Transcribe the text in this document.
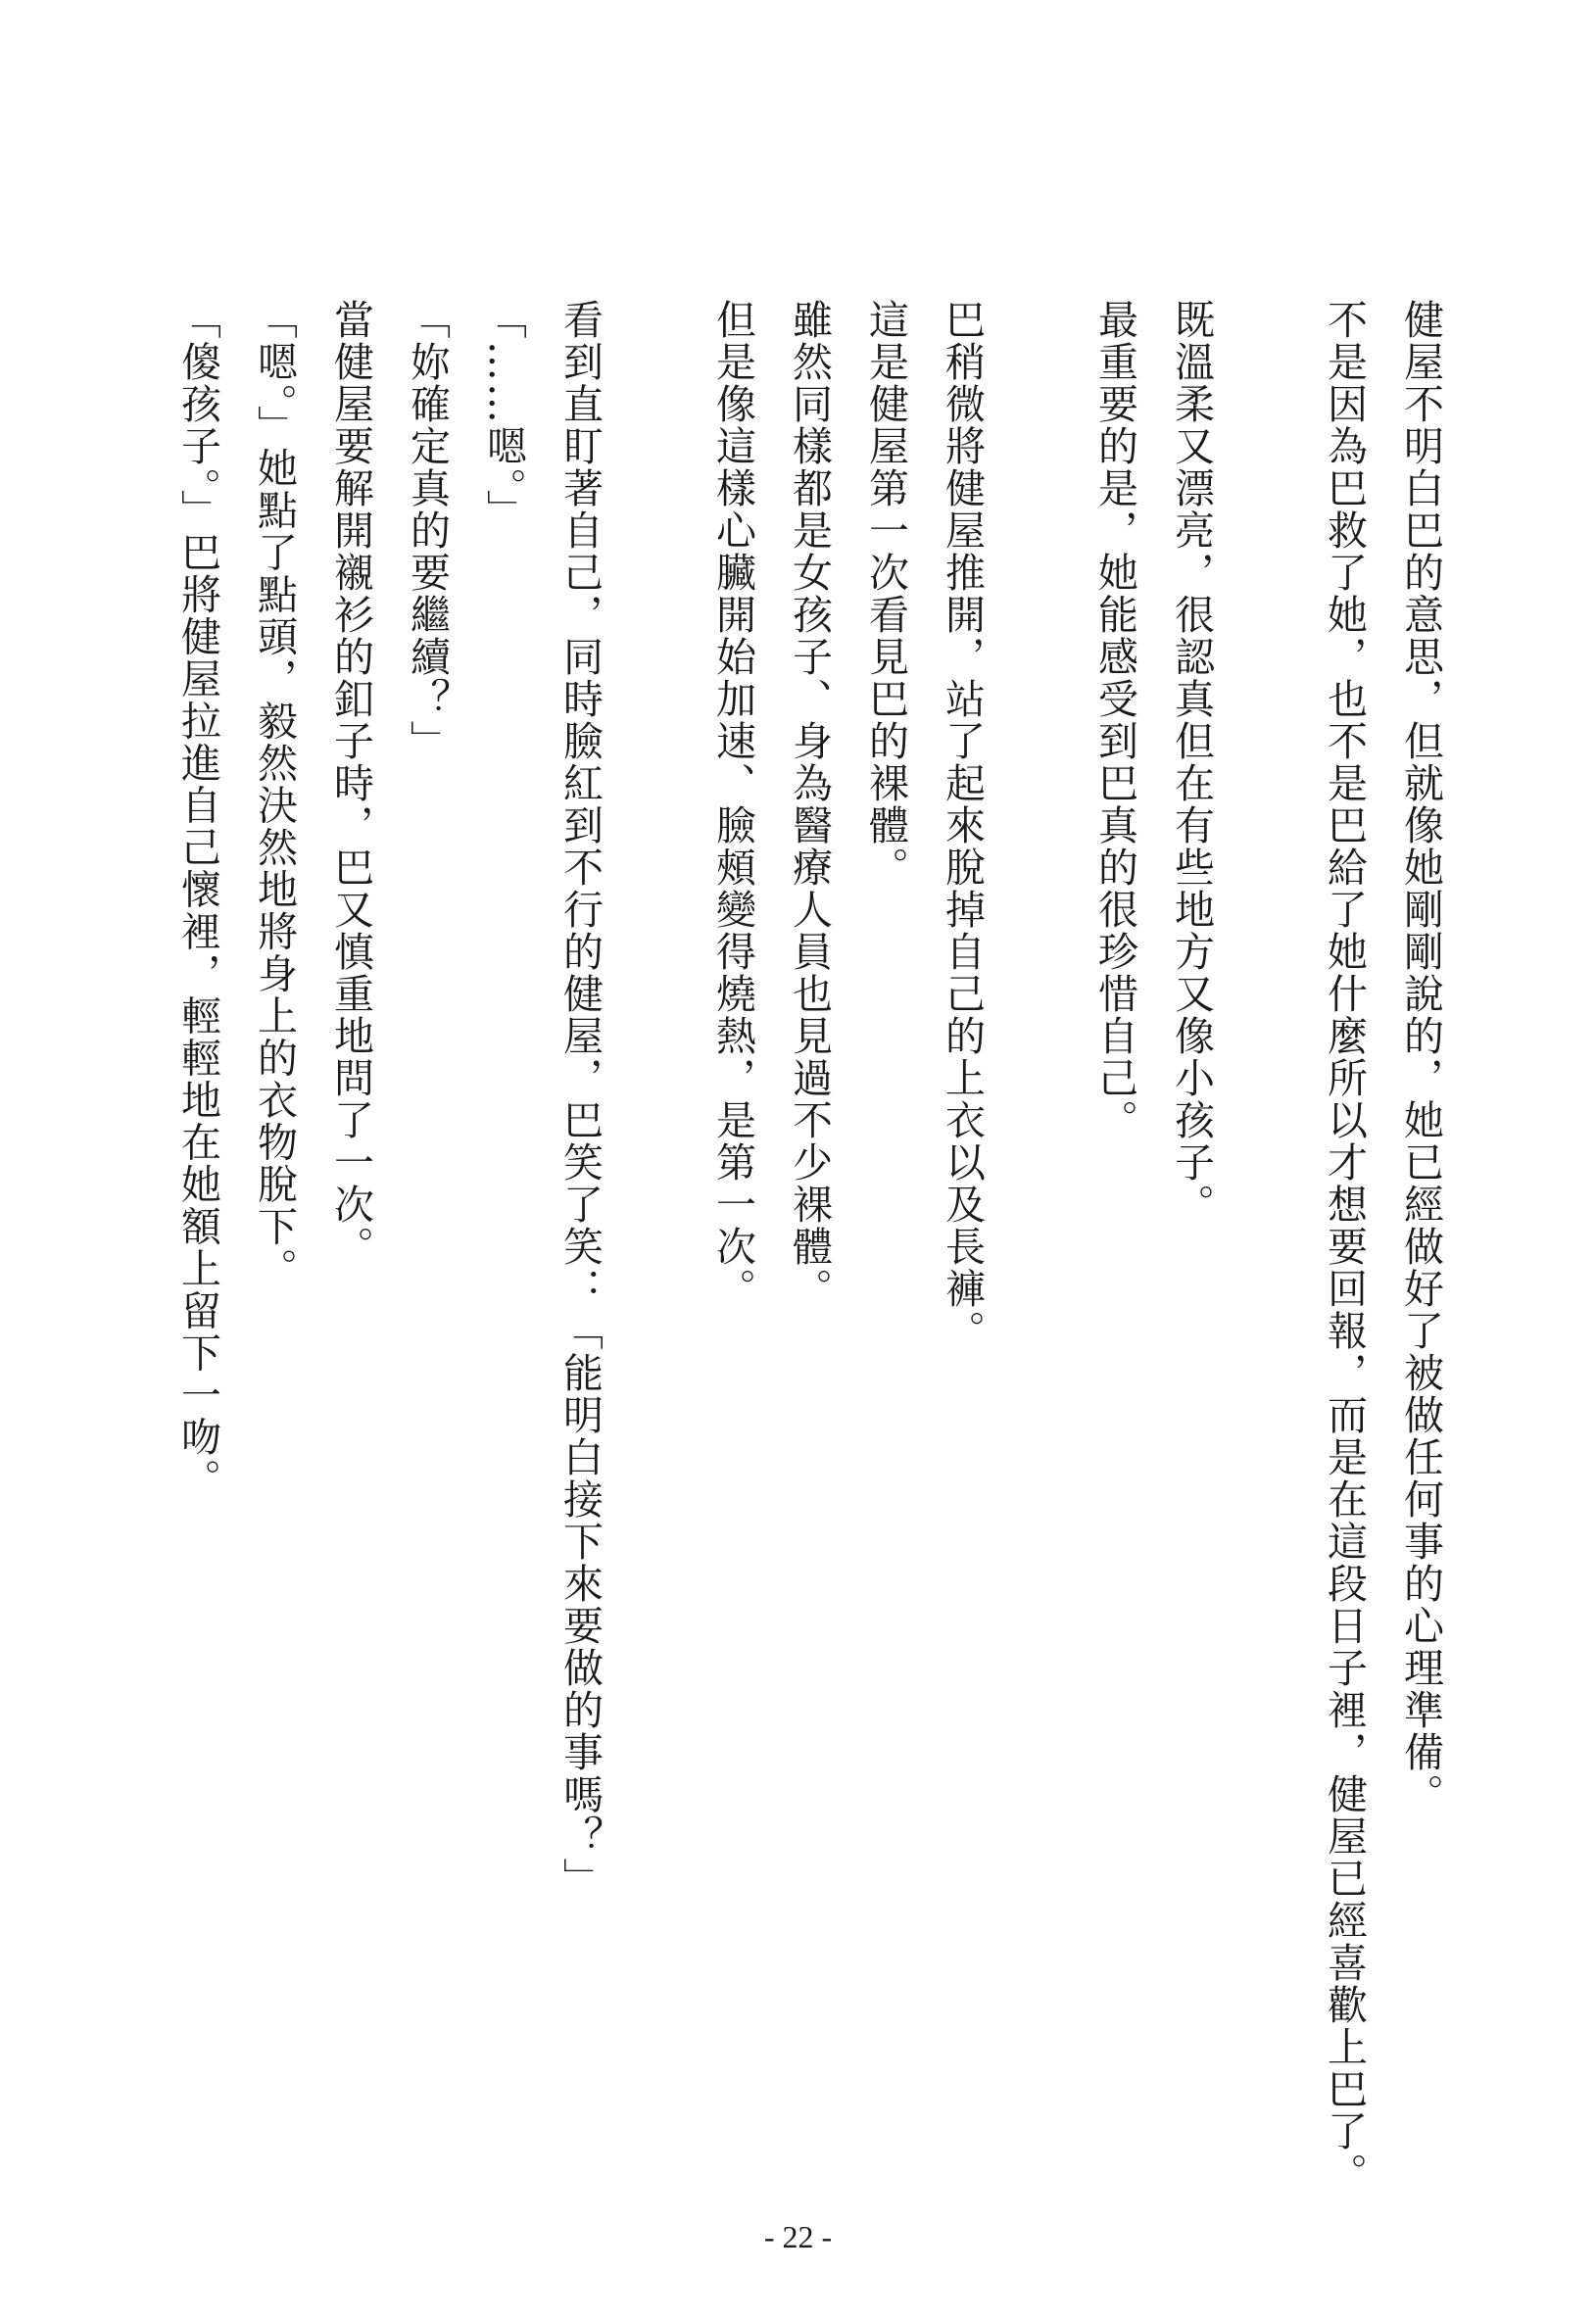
健屋不明白巴的意思，但就像她剛剛說的，她已經做好了被做任何事的心理準備。
不是因為巴救了她，也不是巴給了她什麼所以才想要回報，而是在這段日子裡，健屋已經喜歡上巴了。
既溫柔又漂亮，很認真但在有些地方又像小孩子。
最重要的是，她能感受到巴真的很珍惜自己。
巴稍微將健屋推開，站了起來脫掉自己的上衣以及長褲。
這是健屋第一次看見巴的裸體。
雖然同樣都是女孩子、身為醫療人員也見過不少裸體。
但是像這樣心臟開始加速、臉頰變得燒熱，是第一次。
看到直盯著自己，同時臉紅到不行的健屋，巴笑了笑：「能明白接下來要做的事嗎？」
「……嗯。」
「妳確定真的要繼續？」
當健屋要解開襯衫的釦子時，巴又慎重地問了一次。
「嗯。」她點了點頭，毅然決然地將身上的衣物脫下。
「傻孩子。」巴將健屋拉進自己懷裡，輕輕地在她額上留下一吻。
- 22 -
